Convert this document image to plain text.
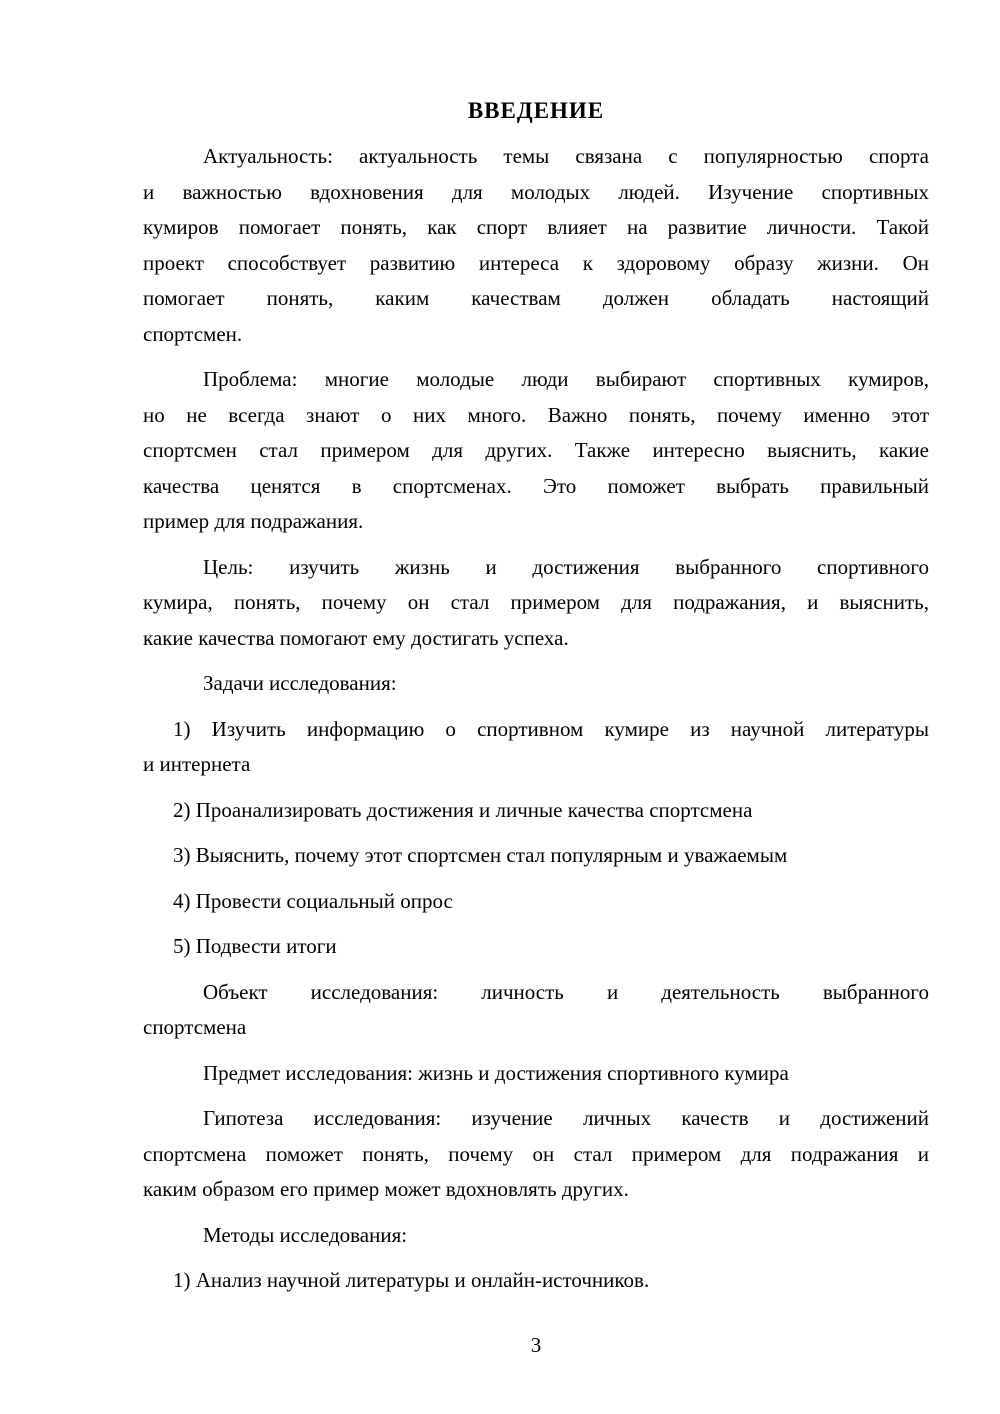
ВВЕДЕНИЕ
Актуальность: актуальность темы связана с популярностью спорта
и важностью вдохновения для молодых людей. Изучение спортивных
кумиров помогает понять, как спорт влияет на развитие личности. Такой
проект способствует развитию интереса к здоровому образу жизни. Он
помогает понять, каким качествам должен обладать настоящий
спортсмен.
Проблема: многие молодые люди выбирают спортивных кумиров,
но не всегда знают о них много. Важно понять, почему именно этот
спортсмен стал примером для других. Также интересно выяснить, какие
качества ценятся в спортсменах. Это поможет выбрать правильный
пример для подражания.
Цель: изучить жизнь и достижения выбранного спортивного
кумира, понять, почему он стал примером для подражания, и выяснить,
какие качества помогают ему достигать успеха.
Задачи исследования:
1) Изучить информацию о спортивном кумире из научной литературы
и интернета
2) Проанализировать достижения и личные качества спортсмена
3) Выяснить, почему этот спортсмен стал популярным и уважаемым
4) Провести социальный опрос
5) Подвести итоги
Объект исследования: личность и деятельность выбранного
спортсмена
Предмет исследования: жизнь и достижения спортивного кумира
Гипотеза исследования: изучение личных качеств и достижений
спортсмена поможет понять, почему он стал примером для подражания и
каким образом его пример может вдохновлять других.
Методы исследования:
1) Анализ научной литературы и онлайн-источников.
3
